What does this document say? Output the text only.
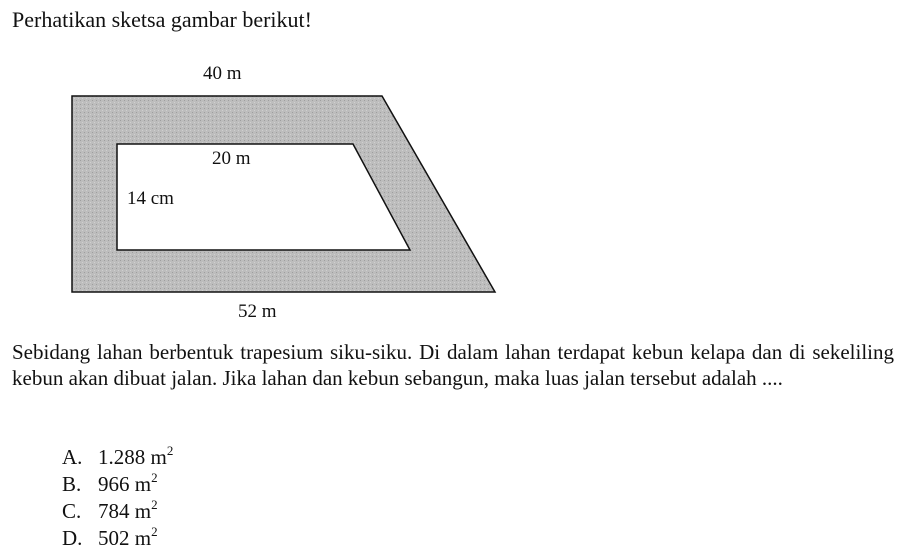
Perhatikan sketsa gambar berikut!

40 m
20 m
14 cm
52 m

Sebidang lahan berbentuk trapesium siku-siku. Di dalam lahan terdapat kebun kelapa dan di sekeliling kebun akan dibuat jalan. Jika lahan dan kebun sebangun, maka luas jalan tersebut adalah ....

A. 1.288 $m^2$
B. 966 $m^2$
C. 784 $m^2$
D. 502 $m^2$
